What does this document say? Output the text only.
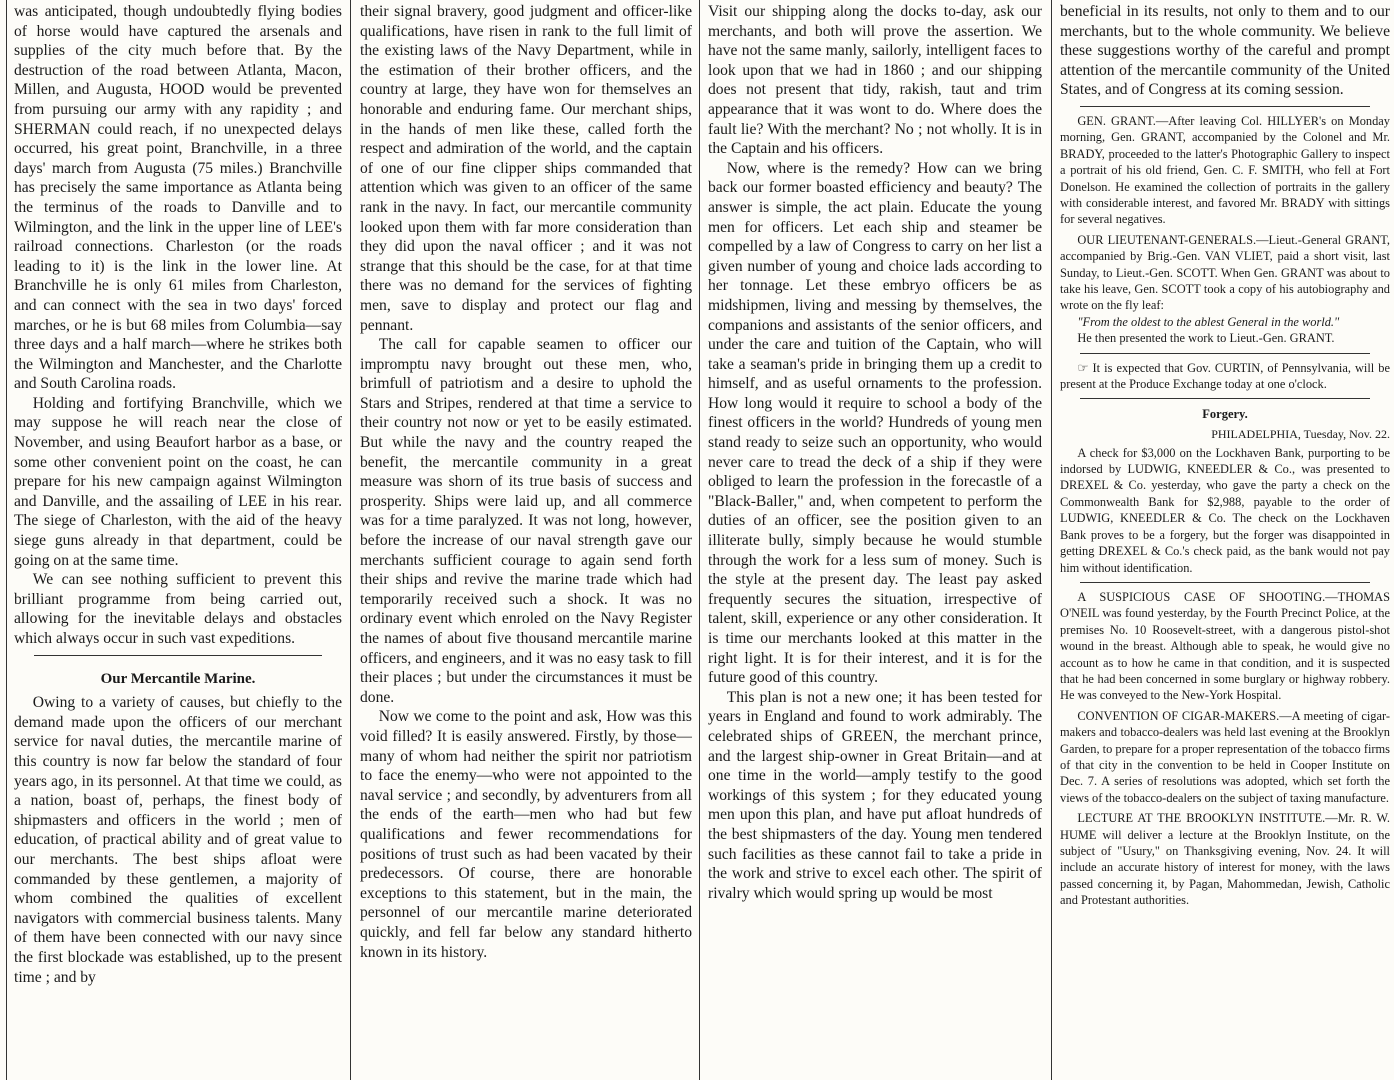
was anticipated, though undoubtedly flying bodies of horse would have captured the arsenals and supplies of the city much before that. By the destruction of the road between Atlanta, Macon, Millen, and Augusta, HOOD would be prevented from pursuing our army with any rapidity ; and SHERMAN could reach, if no unexpected delays occurred, his great point, Branchville, in a three days' march from Augusta (75 miles.) Branchville has precisely the same importance as Atlanta being the terminus of the roads to Danville and to Wilmington, and the link in the upper line of LEE's railroad connections. Charleston (or the roads leading to it) is the link in the lower line. At Branchville he is only 61 miles from Charleston, and can connect with the sea in two days' forced marches, or he is but 68 miles from Columbia—say three days and a half march—where he strikes both the Wilmington and Manchester, and the Charlotte and South Carolina roads.

Holding and fortifying Branchville, which we may suppose he will reach near the close of November, and using Beaufort harbor as a base, or some other convenient point on the coast, he can prepare for his new campaign against Wilmington and Danville, and the assailing of LEE in his rear. The siege of Charleston, with the aid of the heavy siege guns already in that department, could be going on at the same time.

We can see nothing sufficient to prevent this brilliant programme from being carried out, allowing for the inevitable delays and obstacles which always occur in such vast expeditions.

Our Mercantile Marine.

Owing to a variety of causes, but chiefly to the demand made upon the officers of our merchant service for naval duties, the mercantile marine of this country is now far below the standard of four years ago, in its personnel. At that time we could, as a nation, boast of, perhaps, the finest body of shipmasters and officers in the world ; men of education, of practical ability and of great value to our merchants. The best ships afloat were commanded by these gentlemen, a majority of whom combined the qualities of excellent navigators with commercial business talents. Many of them have been connected with our navy since the first blockade was established, up to the present time ; and by

their signal bravery, good judgment and officer-like qualifications, have risen in rank to the full limit of the existing laws of the Navy Department, while in the estimation of their brother officers, and the country at large, they have won for themselves an honorable and enduring fame. Our merchant ships, in the hands of men like these, called forth the respect and admiration of the world, and the captain of one of our fine clipper ships commanded that attention which was given to an officer of the same rank in the navy. In fact, our mercantile community looked upon them with far more consideration than they did upon the naval officer ; and it was not strange that this should be the case, for at that time there was no demand for the services of fighting men, save to display and protect our flag and pennant.

The call for capable seamen to officer our impromptu navy brought out these men, who, brimfull of patriotism and a desire to uphold the Stars and Stripes, rendered at that time a service to their country not now or yet to be easily estimated. But while the navy and the country reaped the benefit, the mercantile community in a great measure was shorn of its true basis of success and prosperity. Ships were laid up, and all commerce was for a time paralyzed. It was not long, however, before the increase of our naval strength gave our merchants sufficient courage to again send forth their ships and revive the marine trade which had temporarily received such a shock. It was no ordinary event which enroled on the Navy Register the names of about five thousand mercantile marine officers, and engineers, and it was no easy task to fill their places ; but under the circumstances it must be done.

Now we come to the point and ask, How was this void filled? It is easily answered. Firstly, by those—many of whom had neither the spirit nor patriotism to face the enemy—who were not appointed to the naval service ; and secondly, by adventurers from all the ends of the earth—men who had but few qualifications and fewer recommendations for positions of trust such as had been vacated by their predecessors. Of course, there are honorable exceptions to this statement, but in the main, the personnel of our mercantile marine deteriorated quickly, and fell far below any standard hitherto known in its history.

Visit our shipping along the docks to-day, ask our merchants, and both will prove the assertion. We have not the same manly, sailorly, intelligent faces to look upon that we had in 1860 ; and our shipping does not present that tidy, rakish, taut and trim appearance that it was wont to do. Where does the fault lie? With the merchant? No ; not wholly. It is in the Captain and his officers.

Now, where is the remedy? How can we bring back our former boasted efficiency and beauty? The answer is simple, the act plain. Educate the young men for officers. Let each ship and steamer be compelled by a law of Congress to carry on her list a given number of young and choice lads according to her tonnage. Let these embryo officers be as midshipmen, living and messing by themselves, the companions and assistants of the senior officers, and under the care and tuition of the Captain, who will take a seaman's pride in bringing them up a credit to himself, and as useful ornaments to the profession. How long would it require to school a body of the finest officers in the world? Hundreds of young men stand ready to seize such an opportunity, who would never care to tread the deck of a ship if they were obliged to learn the profession in the forecastle of a "Black-Baller," and, when competent to perform the duties of an officer, see the position given to an illiterate bully, simply because he would stumble through the work for a less sum of money. Such is the style at the present day. The least pay asked frequently secures the situation, irrespective of talent, skill, experience or any other consideration. It is time our merchants looked at this matter in the right light. It is for their interest, and it is for the future good of this country.

This plan is not a new one; it has been tested for years in England and found to work admirably. The celebrated ships of GREEN, the merchant prince, and the largest ship-owner in Great Britain—and at one time in the world—amply testify to the good workings of this system ; for they educated young men upon this plan, and have put afloat hundreds of the best shipmasters of the day. Young men tendered such facilities as these cannot fail to take a pride in the work and strive to excel each other. The spirit of rivalry which would spring up would be most

beneficial in its results, not only to them and to our merchants, but to the whole community. We believe these suggestions worthy of the careful and prompt attention of the mercantile community of the United States, and of Congress at its coming session.

GEN. GRANT.—After leaving Col. HILLYER's on Monday morning, Gen. GRANT, accompanied by the Colonel and Mr. BRADY, proceeded to the latter's Photographic Gallery to inspect a portrait of his old friend, Gen. C. F. SMITH, who fell at Fort Donelson. He examined the collection of portraits in the gallery with considerable interest, and favored Mr. BRADY with sittings for several negatives.

OUR LIEUTENANT-GENERALS.—Lieut.-General GRANT, accompanied by Brig.-Gen. VAN VLIET, paid a short visit, last Sunday, to Lieut.-Gen. SCOTT. When Gen. GRANT was about to take his leave, Gen. SCOTT took a copy of his autobiography and wrote on the fly leaf:

"From the oldest to the ablest General in the world."

He then presented the work to Lieut.-Gen. GRANT.

☞ It is expected that Gov. CURTIN, of Pennsylvania, will be present at the Produce Exchange today at one o'clock.

Forgery.
PHILADELPHIA, Tuesday, Nov. 22.

A check for $3,000 on the Lockhaven Bank, purporting to be indorsed by LUDWIG, KNEEDLER & Co., was presented to DREXEL & Co. yesterday, who gave the party a check on the Commonwealth Bank for $2,988, payable to the order of LUDWIG, KNEEDLER & Co. The check on the Lockhaven Bank proves to be a forgery, but the forger was disappointed in getting DREXEL & Co.'s check paid, as the bank would not pay him without identification.

A SUSPICIOUS CASE OF SHOOTING.—THOMAS O'NEIL was found yesterday, by the Fourth Precinct Police, at the premises No. 10 Roosevelt-street, with a dangerous pistol-shot wound in the breast. Although able to speak, he would give no account as to how he came in that condition, and it is suspected that he had been concerned in some burglary or highway robbery. He was conveyed to the New-York Hospital.

CONVENTION OF CIGAR-MAKERS.—A meeting of cigar-makers and tobacco-dealers was held last evening at the Brooklyn Garden, to prepare for a proper representation of the tobacco firms of that city in the convention to be held in Cooper Institute on Dec. 7. A series of resolutions was adopted, which set forth the views of the tobacco-dealers on the subject of taxing manufacture.

LECTURE AT THE BROOKLYN INSTITUTE.—Mr. R. W. HUME will deliver a lecture at the Brooklyn Institute, on the subject of "Usury," on Thanksgiving evening, Nov. 24. It will include an accurate history of interest for money, with the laws passed concerning it, by Pagan, Mahommedan, Jewish, Catholic and Protestant authorities.
